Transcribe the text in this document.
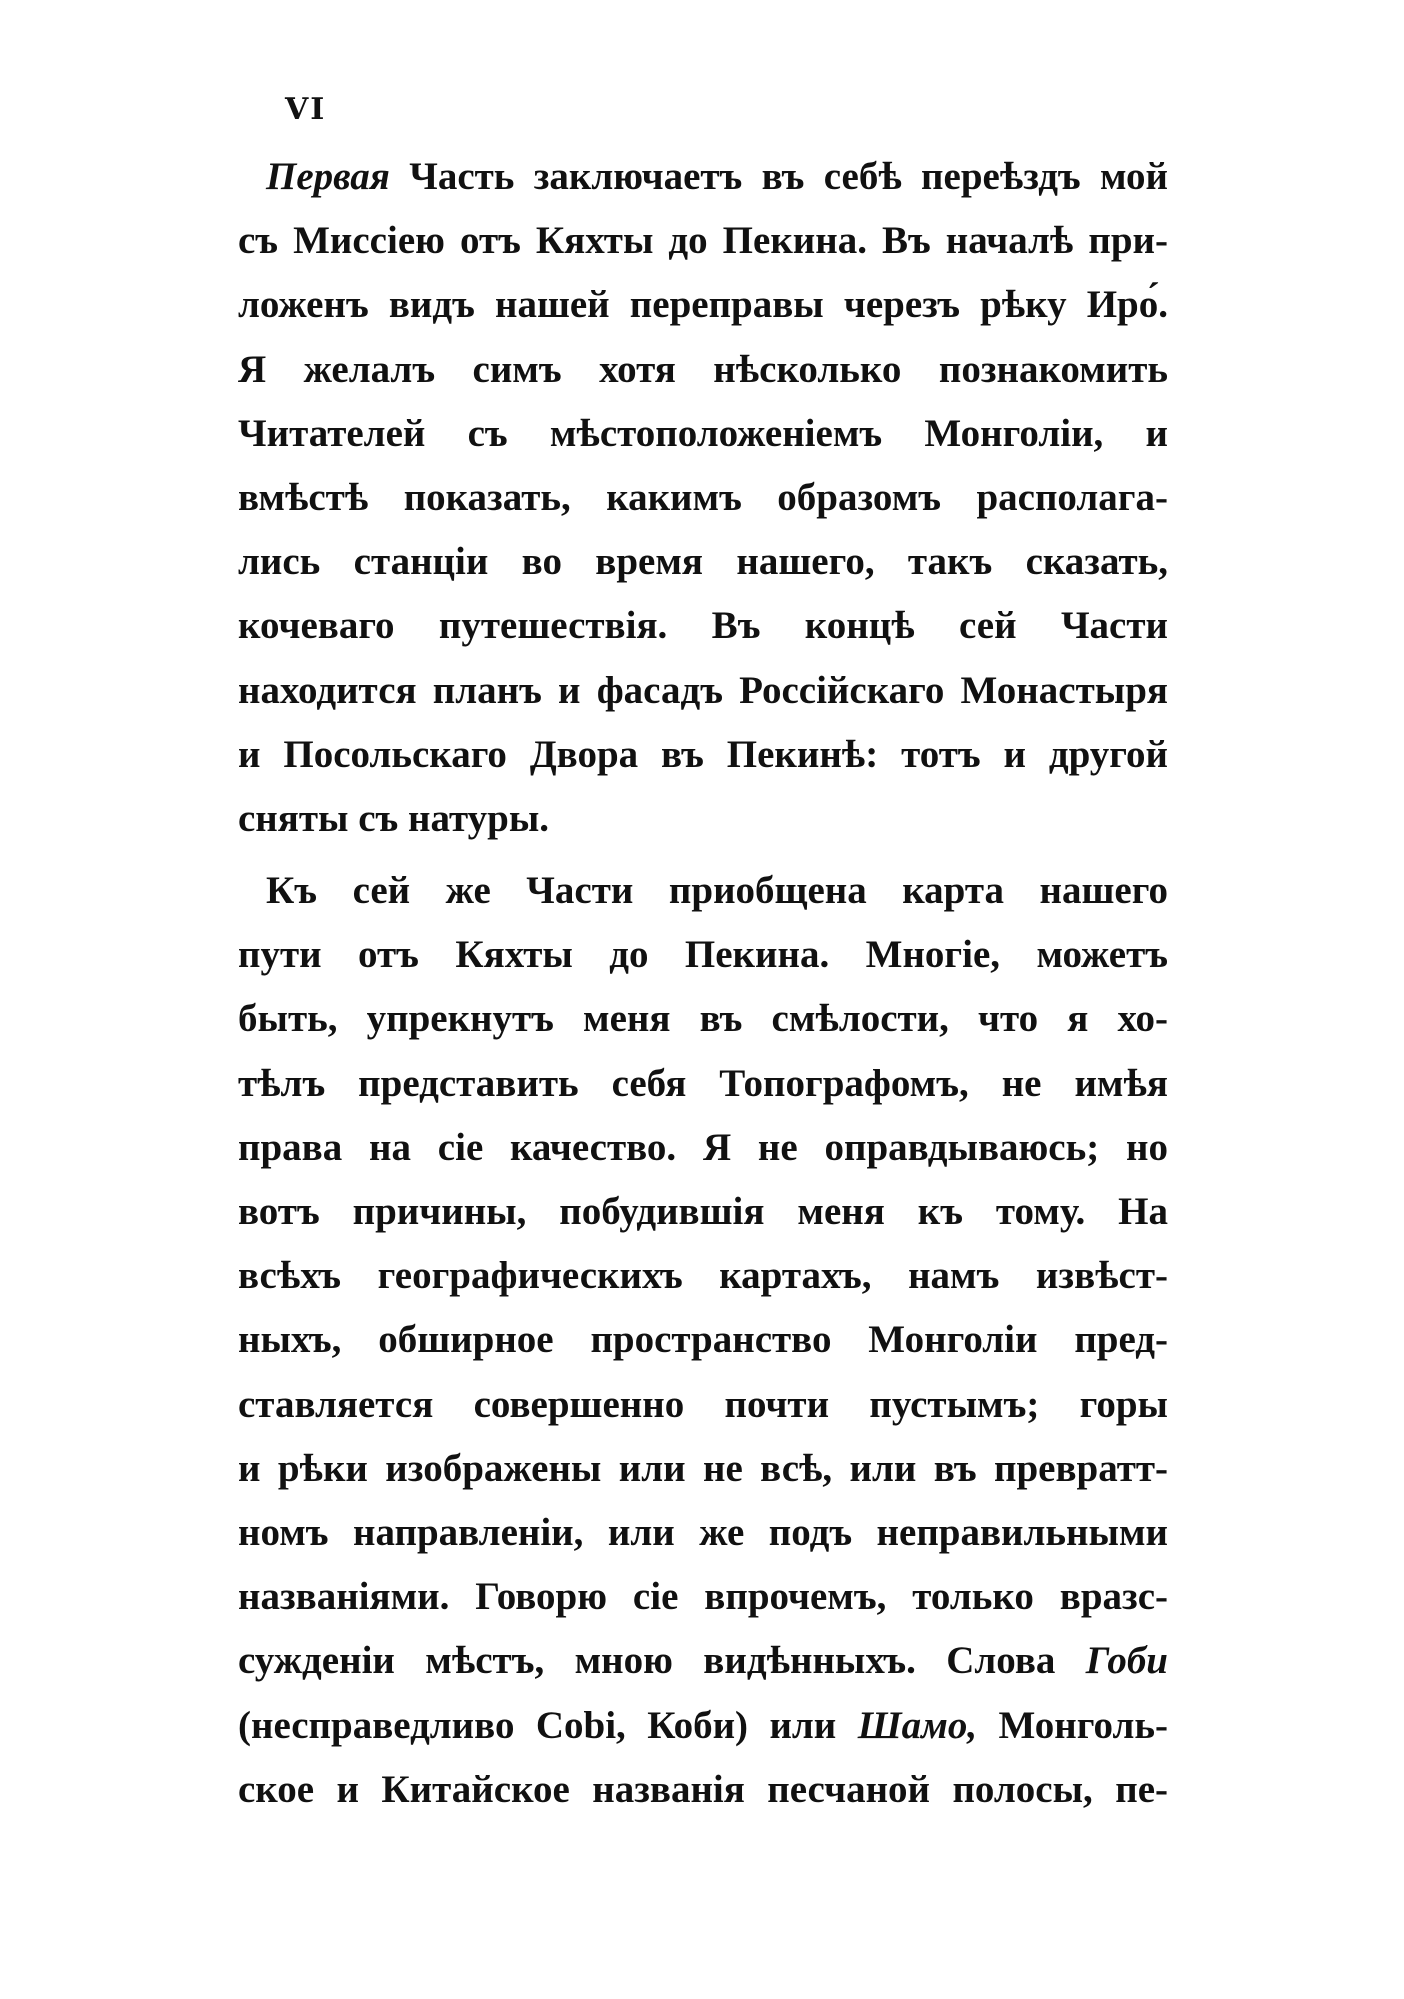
VI
Первая Часть заключаетъ въ себѣ переѣздъ мой
съ Миссіею отъ Кяхты до Пекина. Въ началѣ при-
ложенъ видъ нашей переправы черезъ рѣку Иро́.
Я желалъ симъ хотя нѣсколько познакомить
Читателей съ мѣстоположеніемъ Монголіи, и
вмѣстѣ показать, какимъ образомъ располага-
лись станціи во время нашего, такъ сказать,
кочеваго путешествія. Въ концѣ сей Части
находится планъ и фасадъ Россійскаго Монастыря
и Посольскаго Двора въ Пекинѣ: тотъ и другой
сняты съ натуры.
Къ сей же Части приобщена карта нашего
пути отъ Кяхты до Пекина. Многіе, можетъ
быть, упрекнутъ меня въ смѣлости, что я хо-
тѣлъ представить себя Топографомъ, не имѣя
права на сіе качество. Я не оправдываюсь; но
вотъ причины, побудившія меня къ тому. На
всѣхъ географическихъ картахъ, намъ извѣст-
ныхъ, обширное пространство Монголіи пред-
ставляется совершенно почти пустымъ; горы
и рѣки изображены или не всѣ, или въ превратт-
номъ направленіи, или же подъ неправильными
названіями. Говорю сіе впрочемъ, только вразс-
сужденіи мѣстъ, мною видѣнныхъ. Слова Гоби
(несправедливо Cobi, Коби) или Шамо, Монголь-
ское и Китайское названія песчаной полосы, пе-
